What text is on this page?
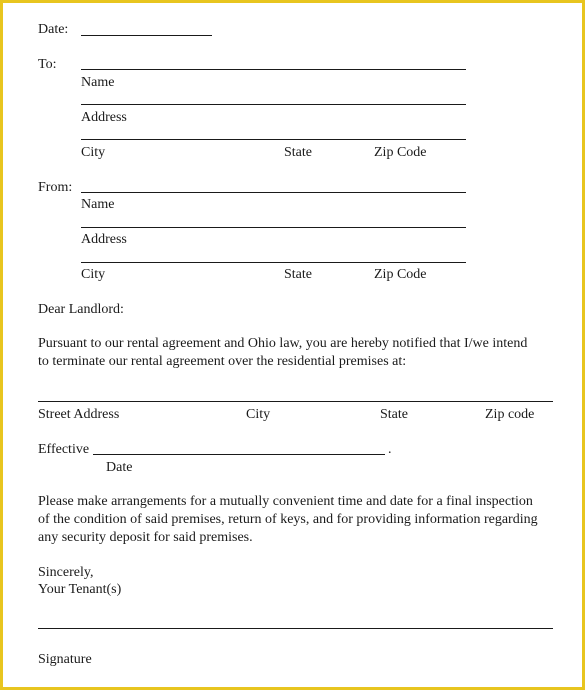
Date:
To:
Name
Address
City	State	Zip Code
From:
Name
Address
City	State	Zip Code
Dear Landlord:
Pursuant to our rental agreement and Ohio law, you are hereby notified that I/we intend
to terminate our rental agreement over the residential premises at:
Street Address	City	State	Zip code
Effective	.
Date
Please make arrangements for a mutually convenient time and date for a final inspection
of the condition of said premises, return of keys, and for providing information regarding
any security deposit for said premises.
Sincerely,
Your Tenant(s)
Signature
